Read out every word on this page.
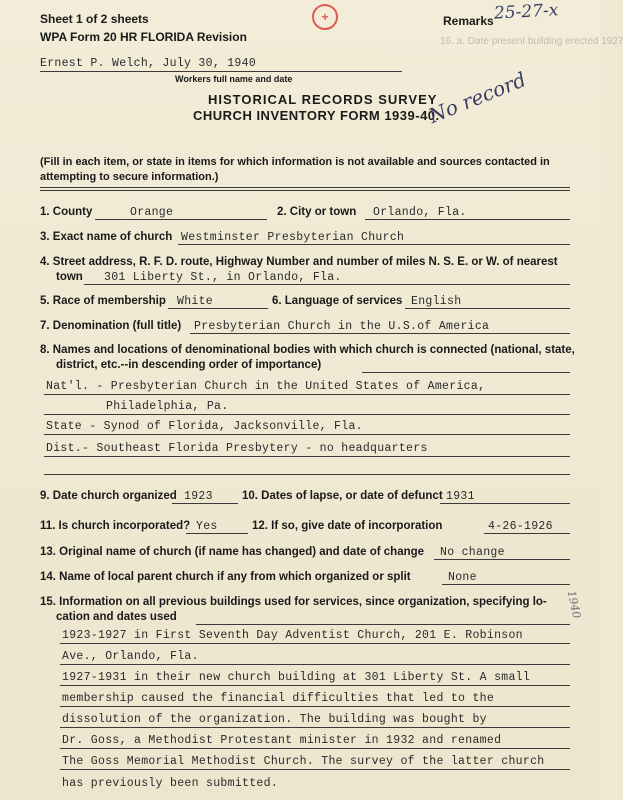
Sheet 1 of 2 sheets
WPA Form 20 HR FLORIDA Revision
+	Remarks 25-27-x
Ernest P. Welch, July 30, 1940
Workers full name and date
HISTORICAL RECORDS SURVEY
CHURCH INVENTORY FORM 1939-40.
No record
(Fill in each item, or state in items for which information is not available and sources contacted in attempting to secure information.)
16. a. Date present building erected 1927
1. County	Orange	2. City or town Orlando, Fla.
3. Exact name of church Westminster Presbyterian Church
4. Street address, R. F. D. route, Highway Number and number of miles N. S. E. or W. of nearest
town 301 Liberty St., in Orlando, Fla.
5. Race of membership White	6. Language of services English
7. Denomination (full title) Presbyterian Church in the U.S.of America
8. Names and locations of denominational bodies with which church is connected (national, state,
district, etc.--in descending order of importance)
Nat'l. - Presbyterian Church in the United States of America,
Philadelphia, Pa.
State - Synod of Florida, Jacksonville, Fla.
Dist.- Southeast Florida Presbytery - no headquarters
9. Date church organized 1923	10. Dates of lapse, or date of defunct 1931
11. Is church incorporated? Yes	12. If so, give date of incorporation	4-26-1926
13. Original name of church (if name has changed) and date of change No change
14. Name of local parent church if any from which organized or split	None
1940
15. Information on all previous buildings used for services, since organization, specifying lo-
cation and dates used
1923-1927 in First Seventh Day Adventist Church, 201 E. Robinson
Ave., Orlando, Fla.
1927-1931 in their new church building at 301 Liberty St. A small
membership caused the financial difficulties that led to the
dissolution of the organization. The building was bought by
Dr. Goss, a Methodist Protestant minister in 1932 and renamed
The Goss Memorial Methodist Church. The survey of the latter church
has previously been submitted.
